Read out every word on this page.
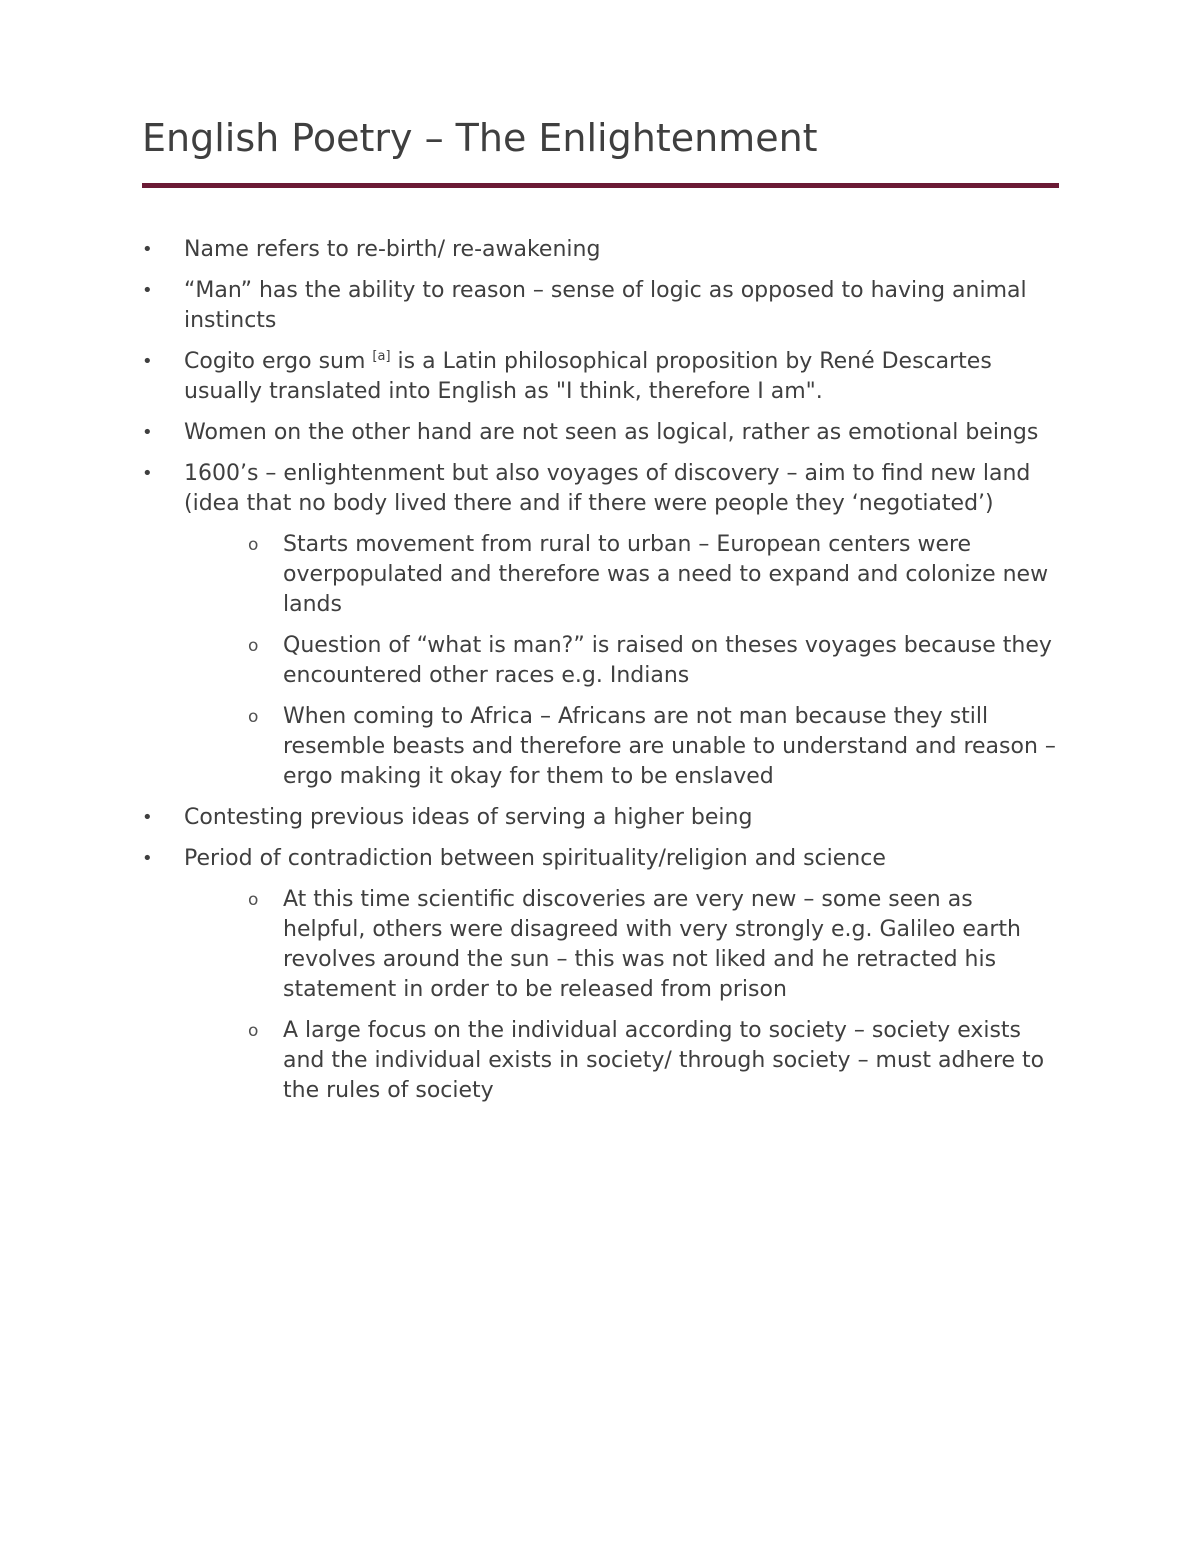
English Poetry – The Enlightenment
• Name refers to re-birth/ re-awakening
• “Man” has the ability to reason – sense of logic as opposed to having animal instincts
• Cogito ergo sum [a] is a Latin philosophical proposition by René Descartes usually translated into English as "I think, therefore I am".
• Women on the other hand are not seen as logical, rather as emotional beings
• 1600’s – enlightenment but also voyages of discovery – aim to find new land (idea that no body lived there and if there were people they ‘negotiated’)
o Starts movement from rural to urban – European centers were overpopulated and therefore was a need to expand and colonize new lands
o Question of “what is man?” is raised on theses voyages because they encountered other races e.g. Indians
o When coming to Africa – Africans are not man because they still resemble beasts and therefore are unable to understand and reason – ergo making it okay for them to be enslaved
• Contesting previous ideas of serving a higher being
• Period of contradiction between spirituality/religion and science
o At this time scientific discoveries are very new – some seen as helpful, others were disagreed with very strongly e.g. Galileo earth revolves around the sun – this was not liked and he retracted his statement in order to be released from prison
o A large focus on the individual according to society – society exists and the individual exists in society/ through society – must adhere to the rules of society
